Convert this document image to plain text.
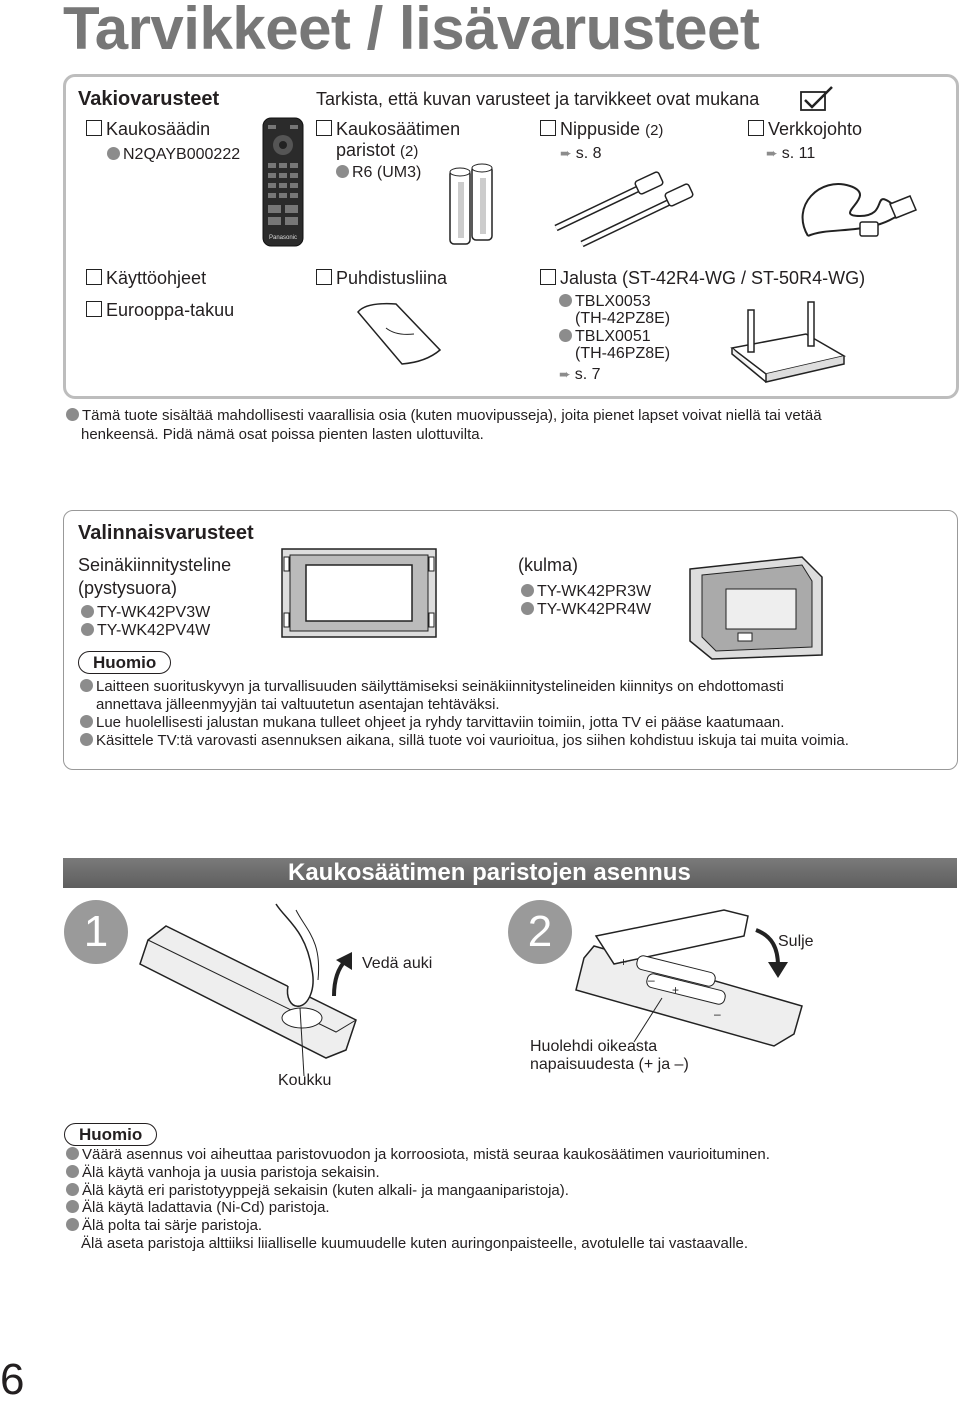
Tarvikkeet / lisävarusteet
Vakiovarusteet	Tarkista, että kuvan varusteet ja tarvikkeet ovat mukana
Kaukosäädin
N2QAYB000222
Panasonic
Kaukosäätimen
paristot (2)
R6 (UM3)
Nippuside (2)
➨ s. 8
Verkkojohto
➨ s. 11
Käyttöohjeet
Eurooppa-takuu
Puhdistusliina	Jalusta (ST-42R4-WG / ST-50R4-WG)
TBLX0053
(TH-42PZ8E)
TBLX0051
(TH-46PZ8E)
➨ s. 7
Tämä tuote sisältää mahdollisesti vaarallisia osia (kuten muovipusseja), joita pienet lapset voivat niellä tai vetää
henkeensä. Pidä nämä osat poissa pienten lasten ulottuvilta.
Valinnaisvarusteet
Seinäkiinnitysteline
(pystysuora)
TY-WK42PV3W
TY-WK42PV4W
(kulma)
TY-WK42PR3W
TY-WK42PR4W
Huomio
Laitteen suorituskyvyn ja turvallisuuden säilyttämiseksi seinäkiinnitystelineiden kiinnitys on ehdottomasti
annettava jälleenmyyjän tai valtuutetun asentajan tehtäväksi.
Lue huolellisesti jalustan mukana tulleet ohjeet ja ryhdy tarvittaviin toimiin, jotta TV ei pääse kaatumaan.
Käsittele TV:tä varovasti asennuksen aikana, sillä tuote voi vaurioitua, jos siihen kohdistuu iskuja tai muita voimia.
Kaukosäätimen paristojen asennus
1
Vedä auki
Koukku
2
+
–
+
–
Sulje
Huolehdi oikeasta
napaisuudesta (+ ja –)
Huomio
Väärä asennus voi aiheuttaa paristovuodon ja korroosiota, mistä seuraa kaukosäätimen vaurioituminen.
Älä käytä vanhoja ja uusia paristoja sekaisin.
Älä käytä eri paristotyyppejä sekaisin (kuten alkali- ja mangaaniparistoja).
Älä käytä ladattavia (Ni-Cd) paristoja.
Älä polta tai särje paristoja.
Älä aseta paristoja alttiiksi liialliselle kuumuudelle kuten auringonpaisteelle, avotulelle tai vastaavalle.
6
